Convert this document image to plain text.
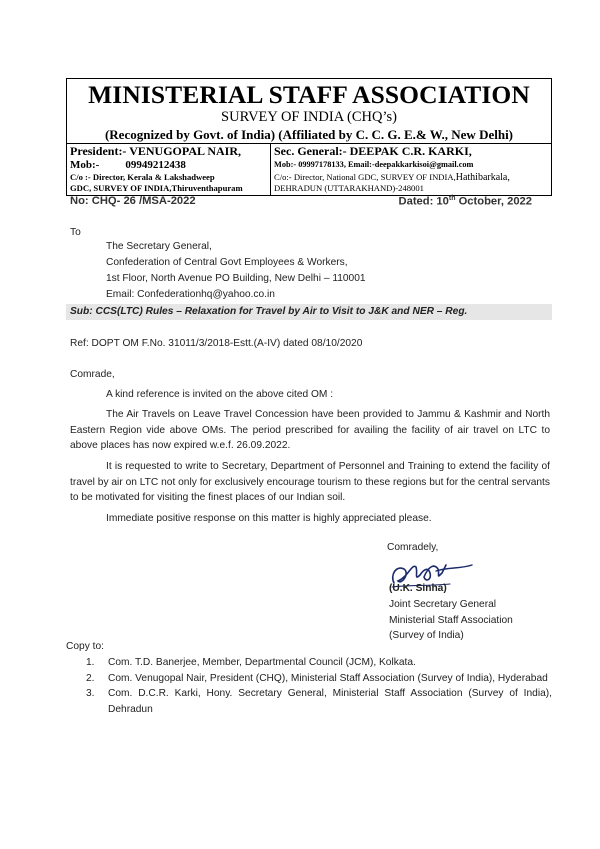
MINISTERIAL STAFF ASSOCIATION
SURVEY OF INDIA (CHQ’s)
(Recognized by Govt. of India) (Affiliated by C. C. G. E.& W., New Delhi)
President:- VENUGOPAL NAIR,
Mob:- 09949212438
C/o :- Director, Kerala & Lakshadweep
GDC, SURVEY OF INDIA,Thiruventhapuram
Sec. General:- DEEPAK C.R. KARKI,
Mob:- 09997178133, Email:-deepakkarkisoi@gmail.com
C/o:- Director, National GDC, SURVEY OF INDIA,Hathibarkala,
DEHRADUN (UTTARAKHAND)-248001
No: CHQ- 26 /MSA-2022	Dated: 10th October, 2022
To
The Secretary General,
Confederation of Central Govt Employees & Workers,
1st Floor, North Avenue PO Building, New Delhi – 110001
Email: Confederationhq@yahoo.co.in
Sub: CCS(LTC) Rules – Relaxation for Travel by Air to Visit to J&K and NER – Reg.
Ref: DOPT OM F.No. 31011/3/2018-Estt.(A-IV) dated 08/10/2020
Comrade,
A kind reference is invited on the above cited OM :
The Air Travels on Leave Travel Concession have been provided to Jammu & Kashmir and North Eastern Region vide above OMs. The period prescribed for availing the facility of air travel on LTC to above places has now expired w.e.f. 26.09.2022.
It is requested to write to Secretary, Department of Personnel and Training to extend the facility of travel by air on LTC not only for exclusively encourage tourism to these regions but for the central servants to be motivated for visiting the finest places of our Indian soil.
Immediate positive response on this matter is highly appreciated please.
Comradely,
(U.K. Sinha)
Joint Secretary General
Ministerial Staff Association
(Survey of India)
Copy to:
1. Com. T.D. Banerjee, Member, Departmental Council (JCM), Kolkata.
2. Com. Venugopal Nair, President (CHQ), Ministerial Staff Association (Survey of India), Hyderabad
3. Com. D.C.R. Karki, Hony. Secretary General, Ministerial Staff Association (Survey of India), Dehradun
